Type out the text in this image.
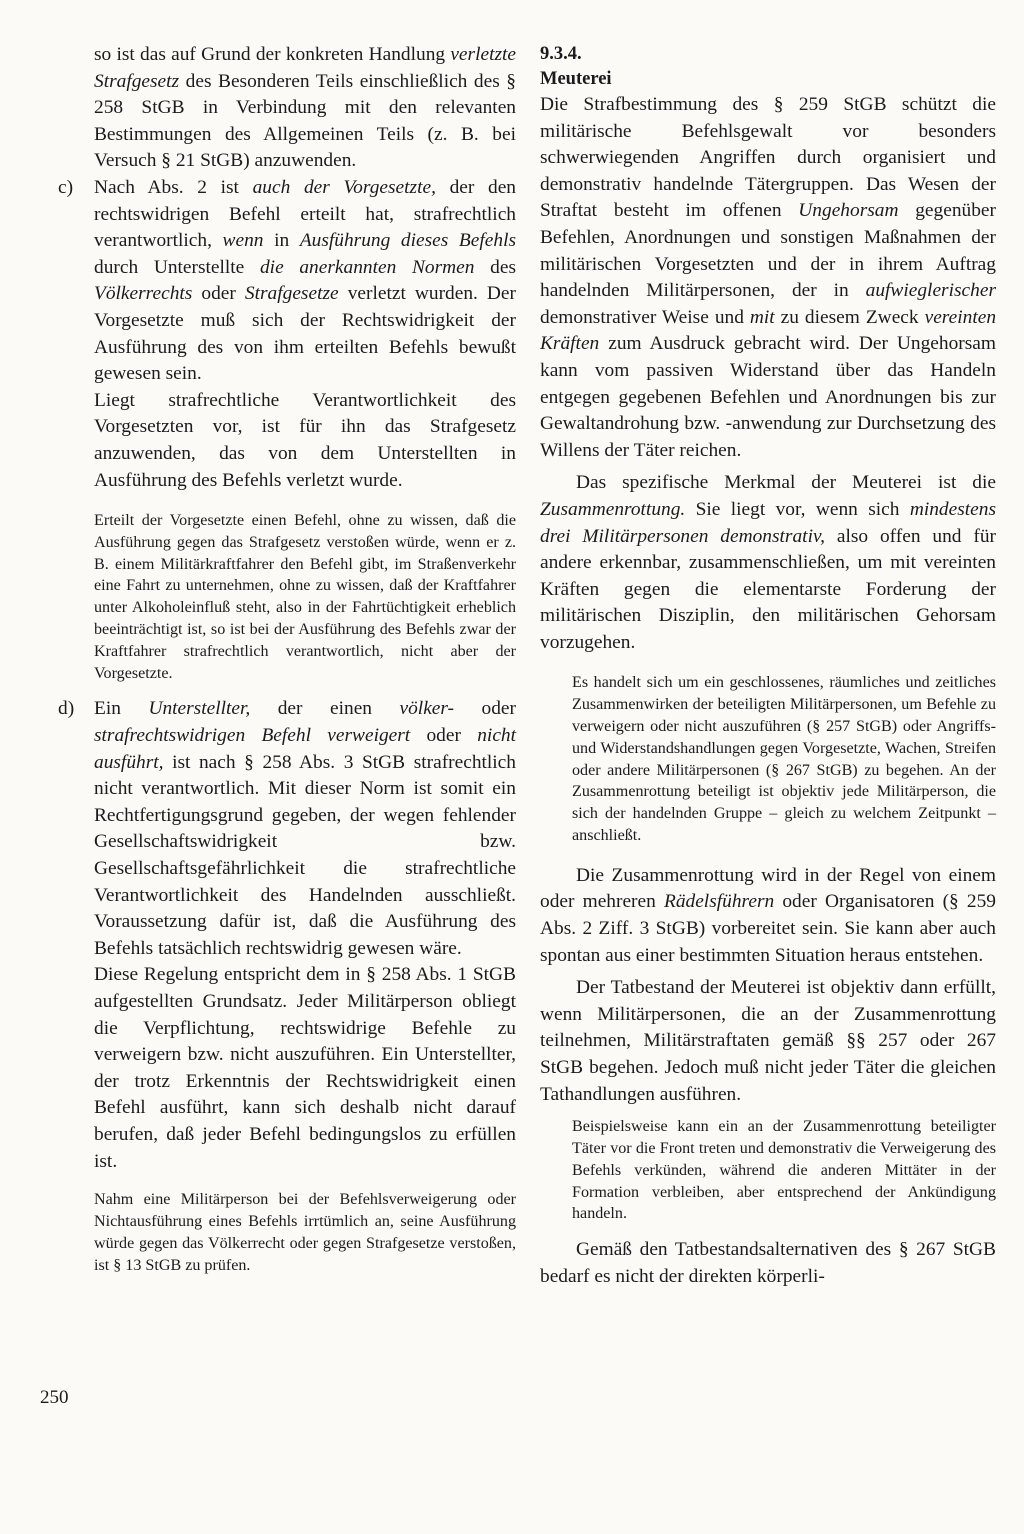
so ist das auf Grund der konkreten Handlung verletzte Strafgesetz des Besonderen Teils einschließlich des § 258 StGB in Verbindung mit den relevanten Bestimmungen des Allgemeinen Teils (z. B. bei Versuch § 21 StGB) anzuwenden.

c) Nach Abs. 2 ist auch der Vorgesetzte, der den rechtswidrigen Befehl erteilt hat, strafrechtlich verantwortlich, wenn in Ausführung dieses Befehls durch Unterstellte die anerkannten Normen des Völkerrechts oder Strafgesetze verletzt wurden. Der Vorgesetzte muß sich der Rechtswidrigkeit der Ausführung des von ihm erteilten Befehls bewußt gewesen sein.

Liegt strafrechtliche Verantwortlichkeit des Vorgesetzten vor, ist für ihn das Strafgesetz anzuwenden, das von dem Unterstellten in Ausführung des Befehls verletzt wurde.

Erteilt der Vorgesetzte einen Befehl, ohne zu wissen, daß die Ausführung gegen das Strafgesetz verstoßen würde, wenn er z. B. einem Militärkraftfahrer den Befehl gibt, im Straßenverkehr eine Fahrt zu unternehmen, ohne zu wissen, daß der Kraftfahrer unter Alkoholeinfluß steht, also in der Fahrtüchtigkeit erheblich beeinträchtigt ist, so ist bei der Ausführung des Befehls zwar der Kraftfahrer strafrechtlich verantwortlich, nicht aber der Vorgesetzte.

d) Ein Unterstellter, der einen völker- oder strafrechtswidrigen Befehl verweigert oder nicht ausführt, ist nach § 258 Abs. 3 StGB strafrechtlich nicht verantwortlich. Mit dieser Norm ist somit ein Rechtfertigungsgrund gegeben, der wegen fehlender Gesellschaftswidrigkeit bzw. Gesellschaftsgefährlichkeit die strafrechtliche Verantwortlichkeit des Handelnden ausschließt. Voraussetzung dafür ist, daß die Ausführung des Befehls tatsächlich rechtswidrig gewesen wäre.

Diese Regelung entspricht dem in § 258 Abs. 1 StGB aufgestellten Grundsatz. Jeder Militärperson obliegt die Verpflichtung, rechtswidrige Befehle zu verweigern bzw. nicht auszuführen. Ein Unterstellter, der trotz Erkenntnis der Rechtswidrigkeit einen Befehl ausführt, kann sich deshalb nicht darauf berufen, daß jeder Befehl bedingungslos zu erfüllen ist.

Nahm eine Militärperson bei der Befehlsverweigerung oder Nichtausführung eines Befehls irrtümlich an, seine Ausführung würde gegen das Völkerrecht oder gegen Strafgesetze verstoßen, ist § 13 StGB zu prüfen.

9.3.4.
Meuterei

Die Strafbestimmung des § 259 StGB schützt die militärische Befehlsgewalt vor besonders schwerwiegenden Angriffen durch organisiert und demonstrativ handelnde Tätergruppen. Das Wesen der Straftat besteht im offenen Ungehorsam gegenüber Befehlen, Anordnungen und sonstigen Maßnahmen der militärischen Vorgesetzten und der in ihrem Auftrag handelnden Militärpersonen, der in aufwieglerischer demonstrativer Weise und mit zu diesem Zweck vereinten Kräften zum Ausdruck gebracht wird. Der Ungehorsam kann vom passiven Widerstand über das Handeln entgegen gegebenen Befehlen und Anordnungen bis zur Gewaltandrohung bzw. -anwendung zur Durchsetzung des Willens der Täter reichen.

Das spezifische Merkmal der Meuterei ist die Zusammenrottung. Sie liegt vor, wenn sich mindestens drei Militärpersonen demonstrativ, also offen und für andere erkennbar, zusammenschließen, um mit vereinten Kräften gegen die elementarste Forderung der militärischen Disziplin, den militärischen Gehorsam vorzugehen.

Es handelt sich um ein geschlossenes, räumliches und zeitliches Zusammenwirken der beteiligten Militärpersonen, um Befehle zu verweigern oder nicht auszuführen (§ 257 StGB) oder Angriffs- und Widerstandshandlungen gegen Vorgesetzte, Wachen, Streifen oder andere Militärpersonen (§ 267 StGB) zu begehen. An der Zusammenrottung beteiligt ist objektiv jede Militärperson, die sich der handelnden Gruppe – gleich zu welchem Zeitpunkt – anschließt.

Die Zusammenrottung wird in der Regel von einem oder mehreren Rädelsführern oder Organisatoren (§ 259 Abs. 2 Ziff. 3 StGB) vorbereitet sein. Sie kann aber auch spontan aus einer bestimmten Situation heraus entstehen.

Der Tatbestand der Meuterei ist objektiv dann erfüllt, wenn Militärpersonen, die an der Zusammenrottung teilnehmen, Militärstraftaten gemäß §§ 257 oder 267 StGB begehen. Jedoch muß nicht jeder Täter die gleichen Tathandlungen ausführen.

Beispielsweise kann ein an der Zusammenrottung beteiligter Täter vor die Front treten und demonstrativ die Verweigerung des Befehls verkünden, während die anderen Mittäter in der Formation verbleiben, aber entsprechend der Ankündigung handeln.

Gemäß den Tatbestandsalternativen des § 267 StGB bedarf es nicht der direkten körperli-

250
